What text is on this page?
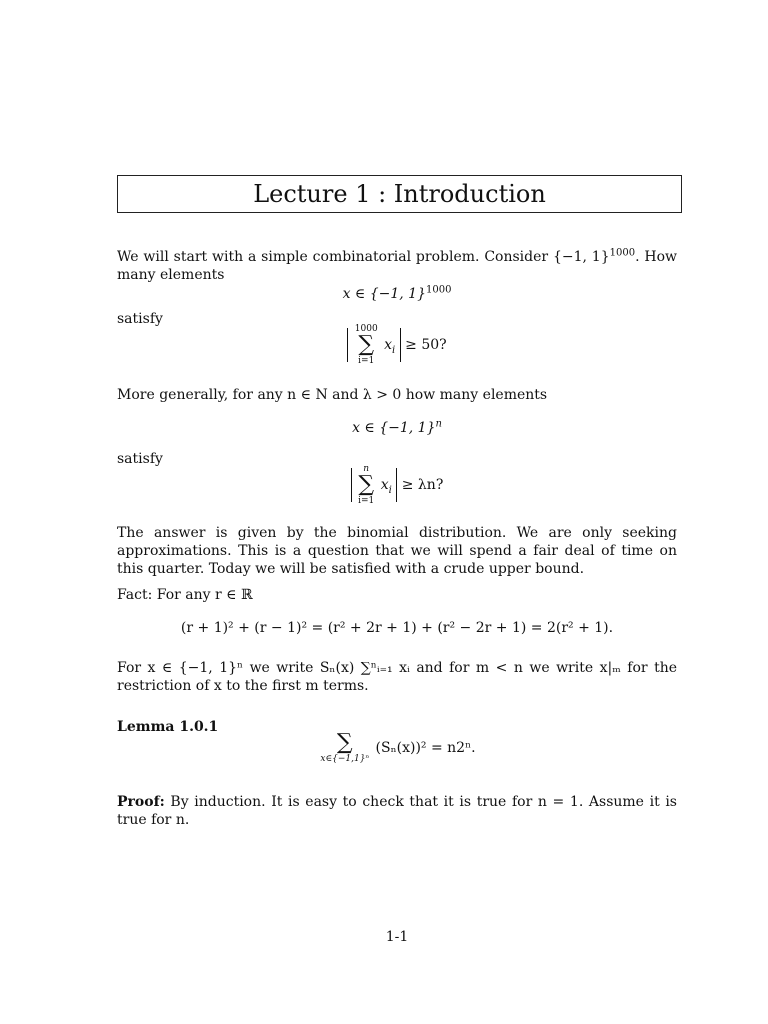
Lecture 1 : Introduction
We will start with a simple combinatorial problem. Consider {−1, 1}$^{1000}$. How many elements
x ∈ {−1, 1}$^{1000}$
satisfy

1000
∑
i=1
$x_i \ge 50$?
More generally, for any n ∈ N and λ > 0 how many elements
x ∈ {−1, 1}$^n$
satisfy

n
∑
i=1
$x_i \ge \lambda n$?
The answer is given by the binomial distribution. We are only seeking approximations. This is a question that we will spend a fair deal of time on this quarter. Today we will be satisfied with a crude upper bound.
Fact: For any r ∈ ℝ
(r + 1)² + (r − 1)² = (r² + 2r + 1) + (r² − 2r + 1) = 2(r² + 1).
For x ∈ {−1, 1}ⁿ we write Sₙ(x) ∑ⁿᵢ₌₁ xᵢ and for m < n we write x|ₘ for the restriction of x to the first m terms.
Lemma 1.0.1
∑
x∈{−1,1}ⁿ
(Sₙ(x))² = n2ⁿ.
Proof: By induction. It is easy to check that it is true for n = 1. Assume it is true for n.
1-1
